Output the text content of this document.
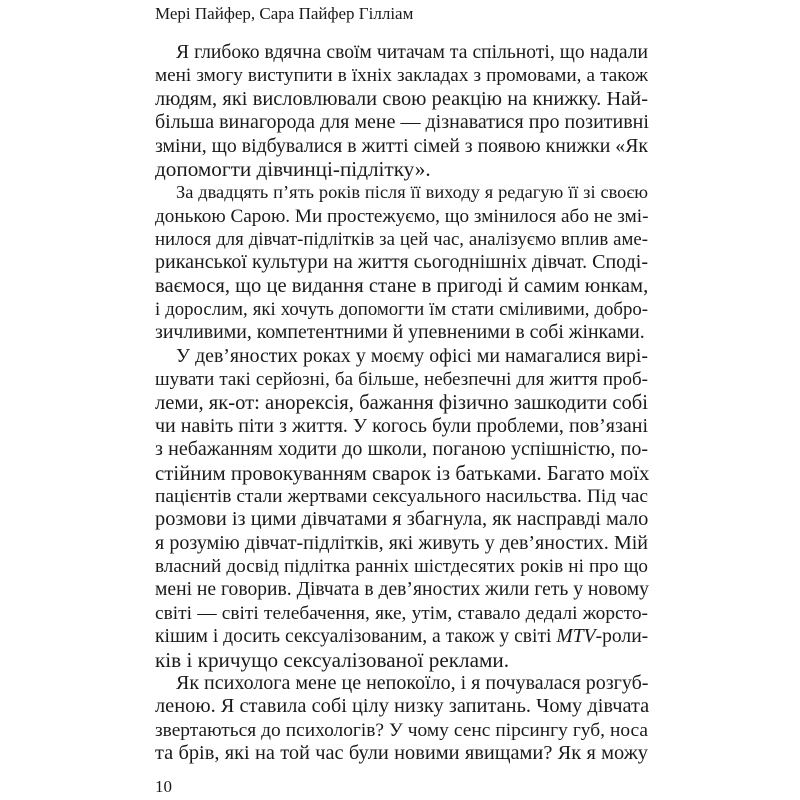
Мері Пайфер, Сара Пайфер Гілліам
Я глибоко вдячна своїм читачам та спільноті, що надали
мені змогу виступити в їхніх закладах з промовами, а також
людям, які висловлювали свою реакцію на книжку. Най-
більша винагорода для мене — дізнаватися про позитивні
зміни, що відбувалися в житті сімей з появою книжки «Як
допомогти дівчинці-підлітку».
За двадцять п’ять років після її виходу я редагую її зі своєю
донькою Сарою. Ми простежуємо, що змінилося або не змі-
нилося для дівчат-підлітків за цей час, аналізуємо вплив аме-
риканської культури на життя сьогоднішніх дівчат. Сподi-
ваємося, що це видання стане в пригоді й самим юнкам,
і дорослим, які хочуть допомогти їм стати сміливими, добро-
зичливими, компетентними й упевненими в собі жінками.
У дев’яностих роках у моєму офісі ми намагалися вирі-
шувати такі серйозні, ба більше, небезпечні для життя проб-
леми, як-от: анорексія, бажання фізично зашкодити собі
чи навіть піти з життя. У когось були проблеми, пов’язані
з небажанням ходити до школи, поганою успішністю, по-
стійним провокуванням сварок із батьками. Багато моїх
пацієнтів стали жертвами сексуального насильства. Під час
розмови із цими дівчатами я збагнула, як насправді мало
я розумію дівчат-підлітків, які живуть у дев’яностих. Мій
власний досвід підлітка ранніх шістдесятих років ні про що
мені не говорив. Дівчата в дев’яностих жили геть у новому
світі — світі телебачення, яке, утім, ставало дедалі жорсто-
кішим і досить сексуалізованим, а також у світі MTV-роли-
ків і кричущо сексуалізованої реклами.
Як психолога мене це непокоїло, і я почувалася розгуб-
леною. Я ставила собі цілу низку запитань. Чому дівчата
звертаються до психологів? У чому сенс пірсингу губ, носа
та брів, які на той час були новими явищами? Як я можу
10
